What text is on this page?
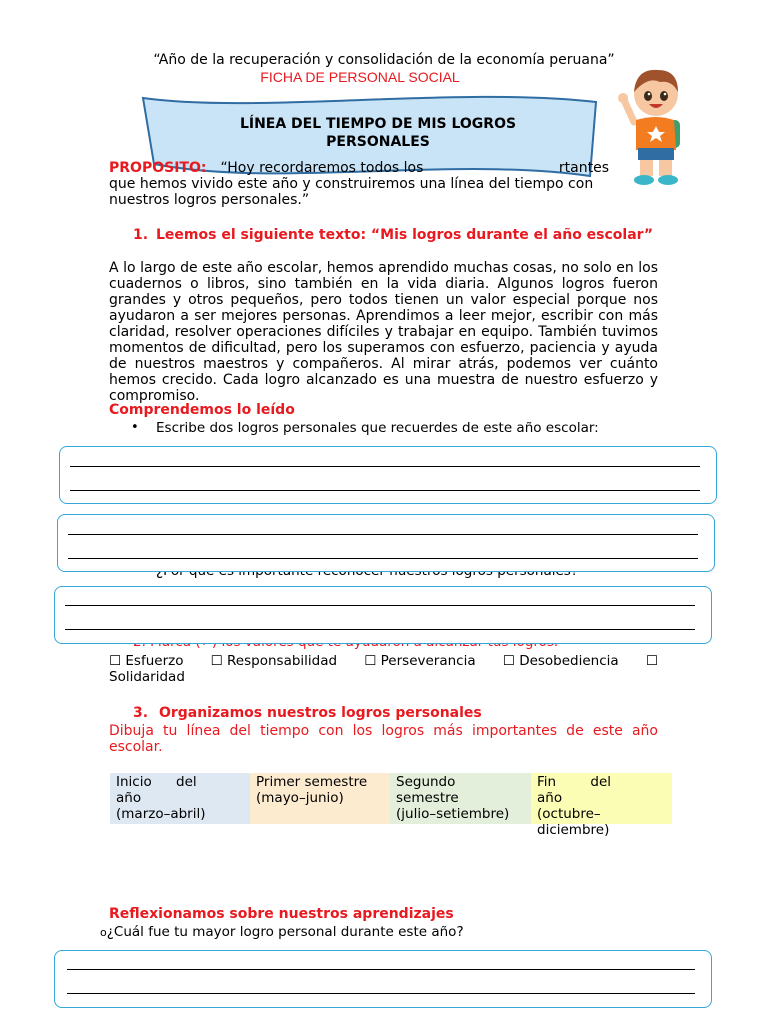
“Año de la recuperación y consolidación de la economía peruana”
FICHA DE PERSONAL SOCIAL
LÍNEA DEL TIEMPO DE MIS LOGROS
PERSONALES
PROPOSITO: “Hoy recordaremos todos los	rtantes
que hemos vivido este año y construiremos una línea del tiempo con
nuestros logros personales.”
1. Leemos el siguiente texto: “Mis logros durante el año escolar”
A lo largo de este año escolar, hemos aprendido muchas cosas, no solo en los cuadernos o libros, sino también en la vida diaria. Algunos logros fueron grandes y otros pequeños, pero todos tienen un valor especial porque nos ayudaron a ser mejores personas. Aprendimos a leer mejor, escribir con más claridad, resolver operaciones difíciles y trabajar en equipo. También tuvimos momentos de dificultad, pero los superamos con esfuerzo, paciencia y ayuda de nuestros maestros y compañeros. Al mirar atrás, podemos ver cuánto hemos crecido. Cada logro alcanzado es una muestra de nuestro esfuerzo y compromiso.
Comprendemos lo leído
• Escribe dos logros personales que recuerdes de este año escolar:
☐ Esfuerzo ☐ Responsabilidad ☐ Perseverancia ☐ Desobediencia ☐
Solidaridad
3. Organizamos nuestros logros personales
Dibuja tu línea del tiempo con los logros más importantes de este año escolar.
Inicio del año
(marzo–abril)
Primer semestre
(mayo–junio)
Segundo
semestre
(julio–setiembre)
Fin del año
(octubre–
diciembre)
Reflexionamos sobre nuestros aprendizajes
o¿Cuál fue tu mayor logro personal durante este año?
